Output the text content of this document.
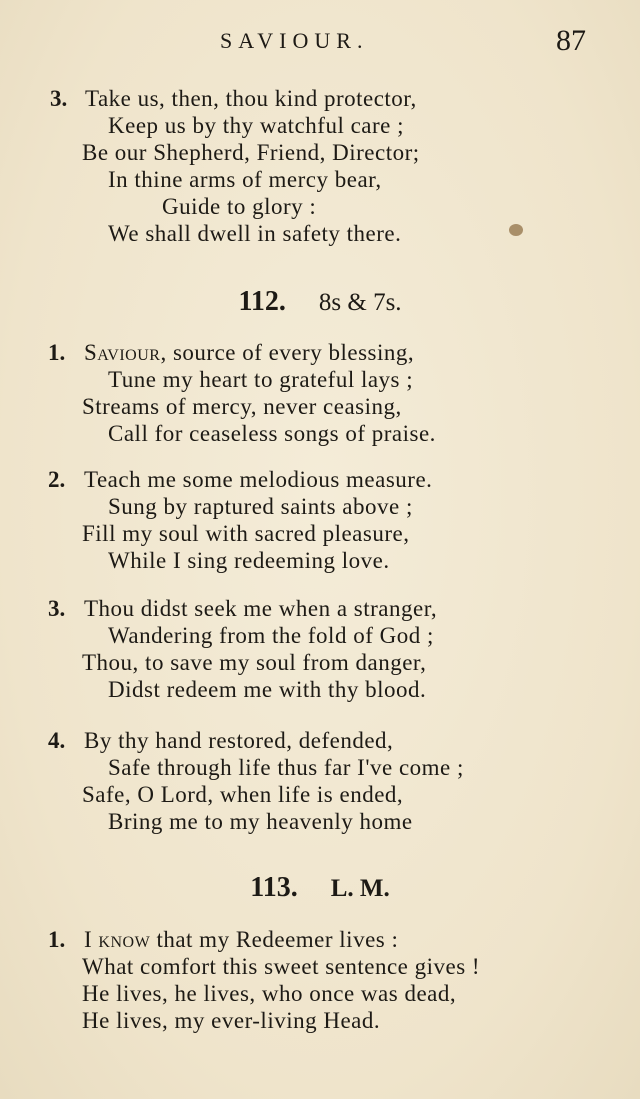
SAVIOUR.	87
3. Take us, then, thou kind protector,
Keep us by thy watchful care ;
Be our Shepherd, Friend, Director;
In thine arms of mercy bear,
Guide to glory :
We shall dwell in safety there.
112. 8s & 7s.
1. Saviour, source of every blessing,
Tune my heart to grateful lays ;
Streams of mercy, never ceasing,
Call for ceaseless songs of praise.
2. Teach me some melodious measure.
Sung by raptured saints above ;
Fill my soul with sacred pleasure,
While I sing redeeming love.
3. Thou didst seek me when a stranger,
Wandering from the fold of God ;
Thou, to save my soul from danger,
Didst redeem me with thy blood.
4. By thy hand restored, defended,
Safe through life thus far I've come ;
Safe, O Lord, when life is ended,
Bring me to my heavenly home
113. L. M.
1. I know that my Redeemer lives :
What comfort this sweet sentence gives !
He lives, he lives, who once was dead,
He lives, my ever-living Head.
